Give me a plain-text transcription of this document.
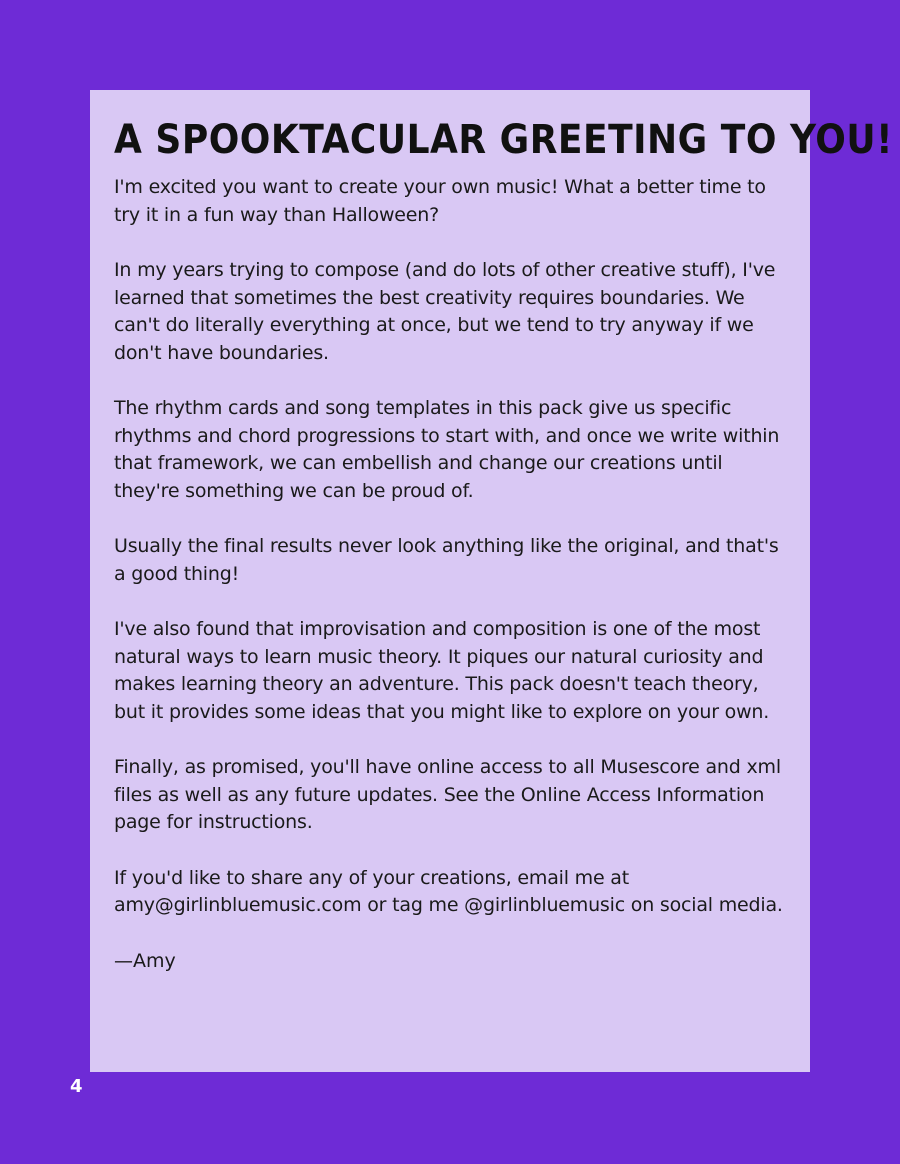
A SPOOKTACULAR GREETING TO YOU!

I'm excited you want to create your own music! What a better time to try it in a fun way than Halloween?

In my years trying to compose (and do lots of other creative stuff), I've learned that sometimes the best creativity requires boundaries. We can't do literally everything at once, but we tend to try anyway if we don't have boundaries.

The rhythm cards and song templates in this pack give us specific rhythms and chord progressions to start with, and once we write within that framework, we can embellish and change our creations until they're something we can be proud of.

Usually the final results never look anything like the original, and that's a good thing!

I've also found that improvisation and composition is one of the most natural ways to learn music theory. It piques our natural curiosity and makes learning theory an adventure. This pack doesn't teach theory, but it provides some ideas that you might like to explore on your own.

Finally, as promised, you'll have online access to all Musescore and xml files as well as any future updates. See the Online Access Information page for instructions.

If you'd like to share any of your creations, email me at amy@girlinbluemusic.com or tag me @girlinbluemusic on social media.

—Amy

4
